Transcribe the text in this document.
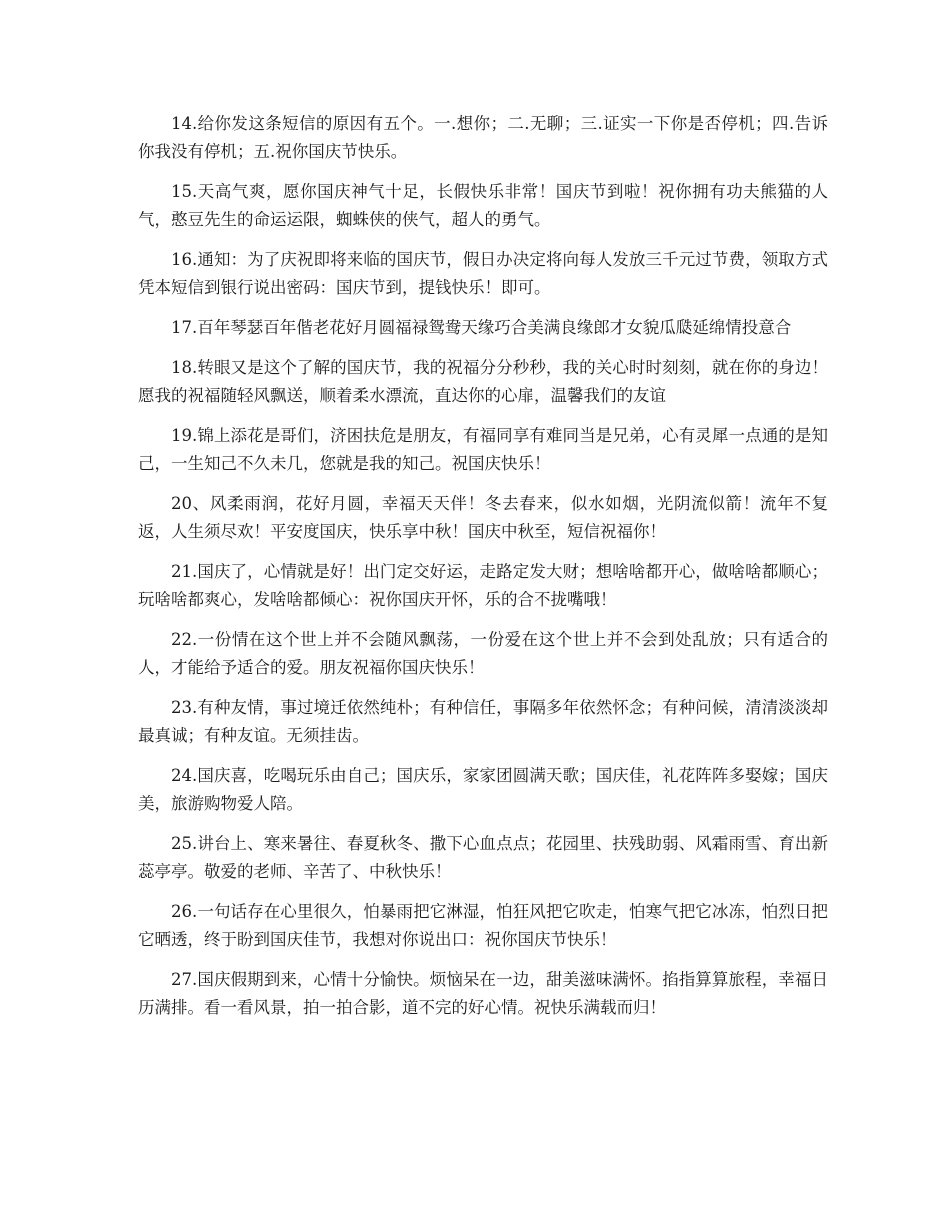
14.给你发这条短信的原因有五个。一.想你；二.无聊；三.证实一下你是否停机；四.告诉你我没有停机；五.祝你国庆节快乐。

15.天高气爽，愿你国庆神气十足，长假快乐非常！国庆节到啦！祝你拥有功夫熊猫的人气，憨豆先生的命运运限，蜘蛛侠的侠气，超人的勇气。

16.通知：为了庆祝即将来临的国庆节，假日办决定将向每人发放三千元过节费，领取方式凭本短信到银行说出密码：国庆节到，提钱快乐！即可。

17.百年琴瑟百年偕老花好月圆福禄鸳鸯天缘巧合美满良缘郎才女貌瓜瓞延绵情投意合

18.转眼又是这个了解的国庆节，我的祝福分分秒秒，我的关心时时刻刻，就在你的身边！愿我的祝福随轻风飘送，顺着柔水漂流，直达你的心扉，温馨我们的友谊

19.锦上添花是哥们，济困扶危是朋友，有福同享有难同当是兄弟，心有灵犀一点通的是知己，一生知己不久未几，您就是我的知己。祝国庆快乐！

20、风柔雨润，花好月圆，幸福天天伴！冬去春来，似水如烟，光阴流似箭！流年不复返，人生须尽欢！平安度国庆，快乐享中秋！国庆中秋至，短信祝福你！

21.国庆了，心情就是好！出门定交好运，走路定发大财；想啥啥都开心，做啥啥都顺心；玩啥啥都爽心，发啥啥都倾心：祝你国庆开怀，乐的合不拢嘴哦！

22.一份情在这个世上并不会随风飘荡，一份爱在这个世上并不会到处乱放；只有适合的人，才能给予适合的爱。朋友祝福你国庆快乐！

23.有种友情，事过境迁依然纯朴；有种信任，事隔多年依然怀念；有种问候，清清淡淡却最真诚；有种友谊。无须挂齿。

24.国庆喜，吃喝玩乐由自己；国庆乐，家家团圆满天歌；国庆佳，礼花阵阵多娶嫁；国庆美，旅游购物爱人陪。

25.讲台上、寒来暑往、春夏秋冬、撒下心血点点；花园里、扶残助弱、风霜雨雪、育出新蕊亭亭。敬爱的老师、辛苦了、中秋快乐！

26.一句话存在心里很久，怕暴雨把它淋湿，怕狂风把它吹走，怕寒气把它冰冻，怕烈日把它晒透，终于盼到国庆佳节，我想对你说出口：祝你国庆节快乐！

27.国庆假期到来，心情十分愉快。烦恼呆在一边，甜美滋味满怀。掐指算算旅程，幸福日历满排。看一看风景，拍一拍合影，道不完的好心情。祝快乐满载而归！
